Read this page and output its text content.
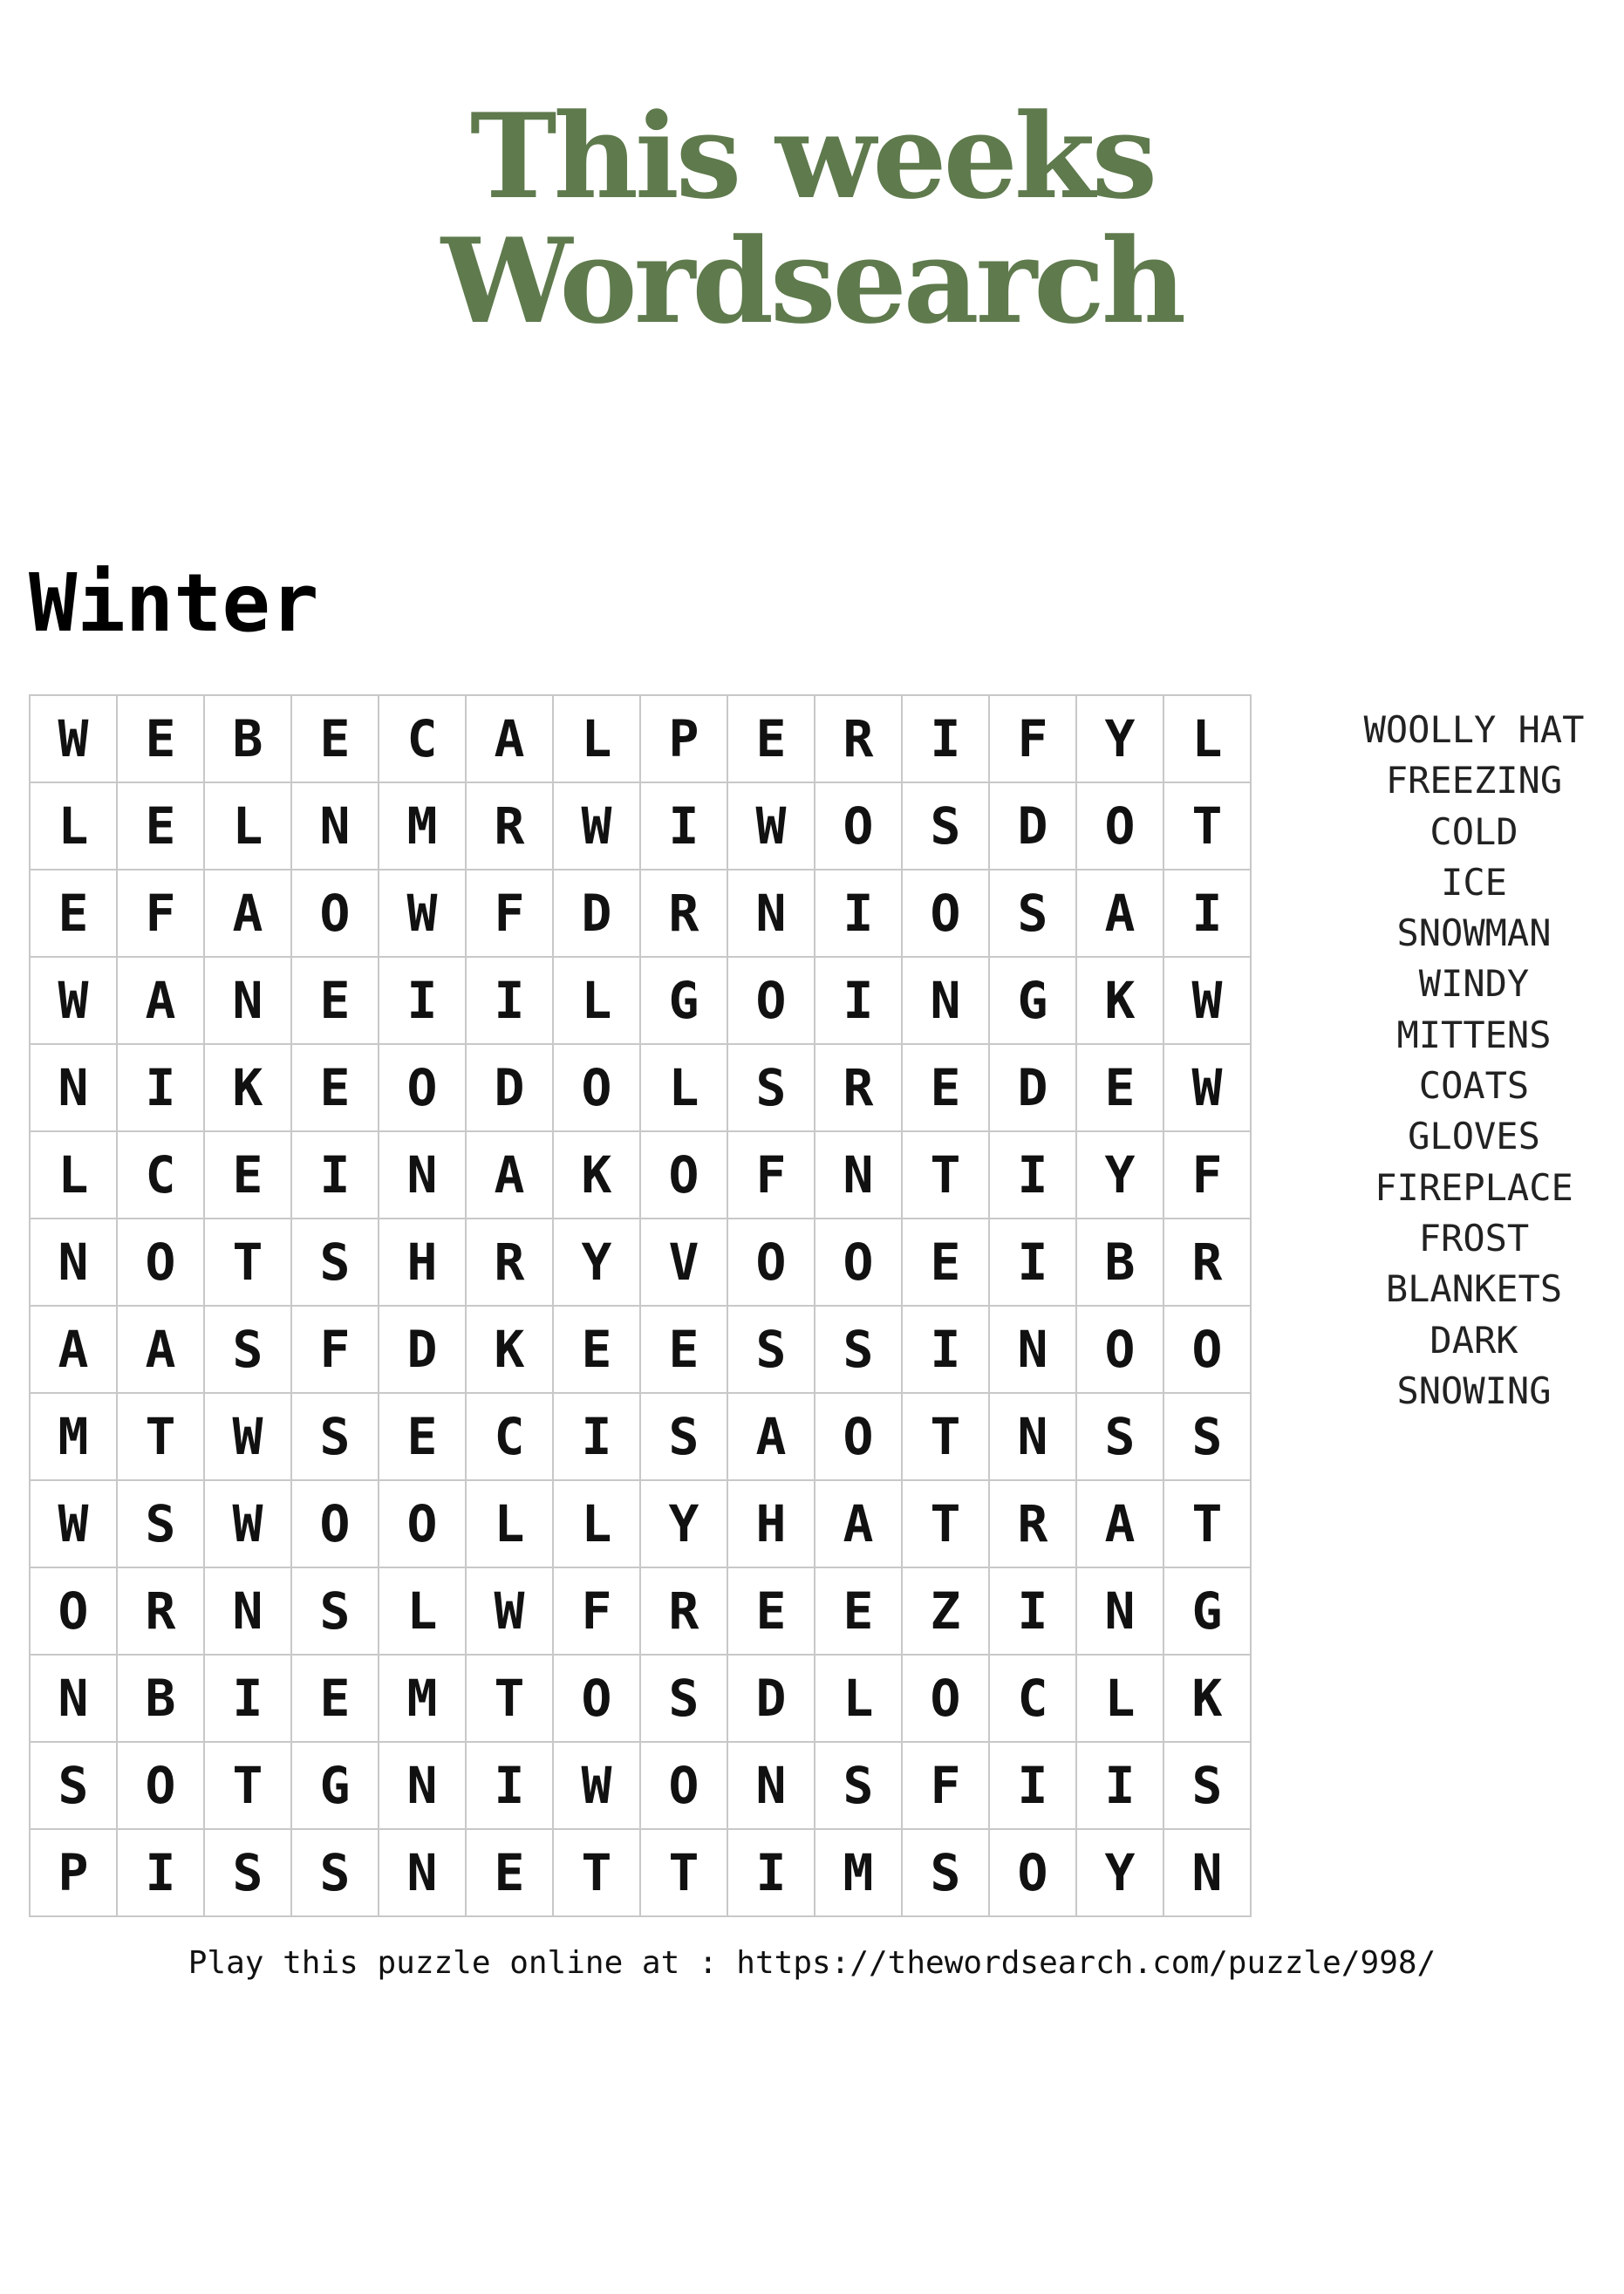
This weeks
Wordsearch
Winter
W	E	B	E	C	A	L	P	E	R	I	F	Y	L
L	E	L	N	M	R	W	I	W	O	S	D	O	T
E	F	A	O	W	F	D	R	N	I	O	S	A	I
W	A	N	E	I	I	L	G	O	I	N	G	K	W
N	I	K	E	O	D	O	L	S	R	E	D	E	W
L	C	E	I	N	A	K	O	F	N	T	I	Y	F
N	O	T	S	H	R	Y	V	O	O	E	I	B	R
A	A	S	F	D	K	E	E	S	S	I	N	O	O
M	T	W	S	E	C	I	S	A	O	T	N	S	S
W	S	W	O	O	L	L	Y	H	A	T	R	A	T
O	R	N	S	L	W	F	R	E	E	Z	I	N	G
N	B	I	E	M	T	O	S	D	L	O	C	L	K
S	O	T	G	N	I	W	O	N	S	F	I	I	S
P	I	S	S	N	E	T	T	I	M	S	O	Y	N
WOOLLY HAT
FREEZING
COLD
ICE
SNOWMAN
WINDY
MITTENS
COATS
GLOVES
FIREPLACE
FROST
BLANKETS
DARK
SNOWING
Play this puzzle online at : https://thewordsearch.com/puzzle/998/
